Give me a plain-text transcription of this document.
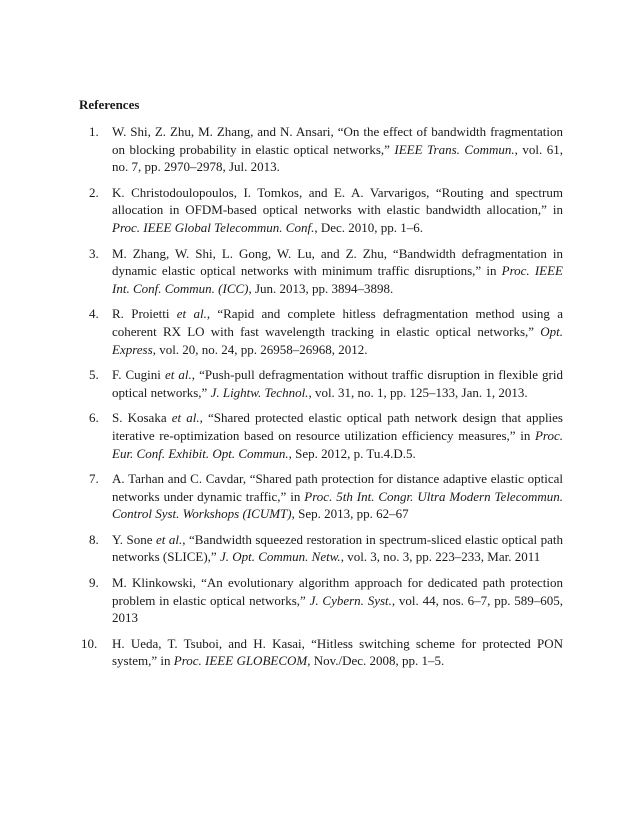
References
1. W. Shi, Z. Zhu, M. Zhang, and N. Ansari, “On the effect of bandwidth fragmentation on blocking probability in elastic optical networks,” IEEE Trans. Commun., vol. 61, no. 7, pp. 2970–2978, Jul. 2013.
2. K. Christodoulopoulos, I. Tomkos, and E. A. Varvarigos, “Routing and spectrum allocation in OFDM-based optical networks with elastic bandwidth allocation,” in Proc. IEEE Global Telecommun. Conf., Dec. 2010, pp. 1–6.
3. M. Zhang, W. Shi, L. Gong, W. Lu, and Z. Zhu, “Bandwidth defragmentation in dynamic elastic optical networks with minimum traffic disruptions,” in Proc. IEEE Int. Conf. Commun. (ICC), Jun. 2013, pp. 3894–3898.
4. R. Proietti et al., “Rapid and complete hitless defragmentation method using a coherent RX LO with fast wavelength tracking in elastic optical networks,” Opt. Express, vol. 20, no. 24, pp. 26958–26968, 2012.
5. F. Cugini et al., “Push-pull defragmentation without traffic disruption in flexible grid optical networks,” J. Lightw. Technol., vol. 31, no. 1, pp. 125–133, Jan. 1, 2013.
6. S. Kosaka et al., “Shared protected elastic optical path network design that applies iterative re-optimization based on resource utilization efficiency measures,” in Proc. Eur. Conf. Exhibit. Opt. Commun., Sep. 2012, p. Tu.4.D.5.
7. A. Tarhan and C. Cavdar, “Shared path protection for distance adaptive elastic optical networks under dynamic traffic,” in Proc. 5th Int. Congr. Ultra Modern Telecommun. Control Syst. Workshops (ICUMT), Sep. 2013, pp. 62–67
8. Y. Sone et al., “Bandwidth squeezed restoration in spectrum-sliced elastic optical path networks (SLICE),” J. Opt. Commun. Netw., vol. 3, no. 3, pp. 223–233, Mar. 2011
9. M. Klinkowski, “An evolutionary algorithm approach for dedicated path protection problem in elastic optical networks,” J. Cybern. Syst., vol. 44, nos. 6–7, pp. 589–605, 2013
10. H. Ueda, T. Tsuboi, and H. Kasai, “Hitless switching scheme for protected PON system,” in Proc. IEEE GLOBECOM, Nov./Dec. 2008, pp. 1–5.
